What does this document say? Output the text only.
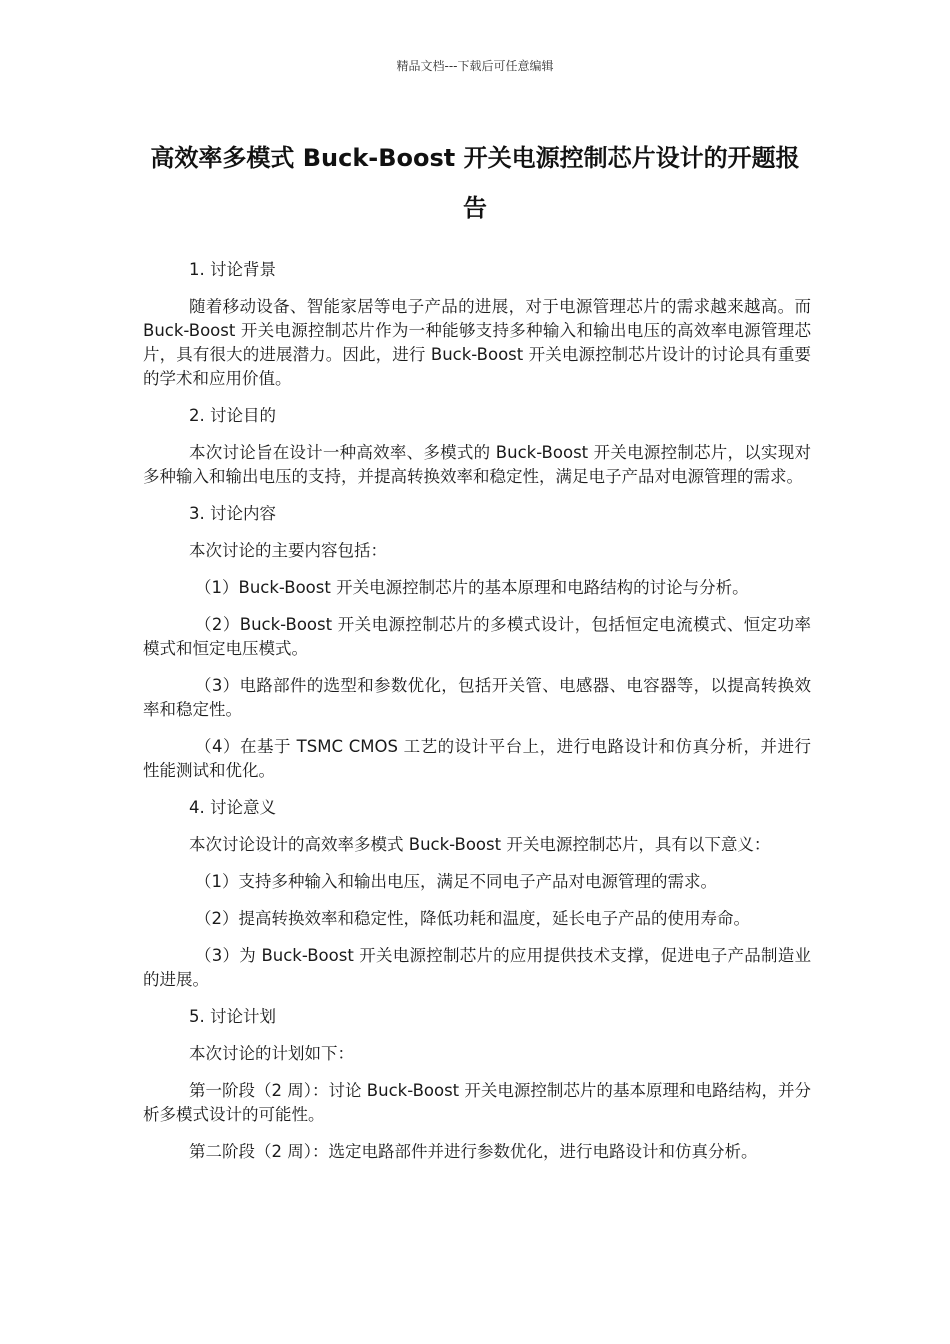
精品文档---下载后可任意编辑
高效率多模式 Buck-Boost 开关电源控制芯片设计的开题报告

1. 讨论背景

随着移动设备、智能家居等电子产品的进展，对于电源管理芯片的需求越来越高。而 Buck-Boost 开关电源控制芯片作为一种能够支持多种输入和输出电压的高效率电源管理芯片，具有很大的进展潜力。因此，进行 Buck-Boost 开关电源控制芯片设计的讨论具有重要的学术和应用价值。

2. 讨论目的

本次讨论旨在设计一种高效率、多模式的 Buck-Boost 开关电源控制芯片，以实现对多种输入和输出电压的支持，并提高转换效率和稳定性，满足电子产品对电源管理的需求。

3. 讨论内容

本次讨论的主要内容包括：

（1）Buck-Boost 开关电源控制芯片的基本原理和电路结构的讨论与分析。

（2）Buck-Boost 开关电源控制芯片的多模式设计，包括恒定电流模式、恒定功率模式和恒定电压模式。

（3）电路部件的选型和参数优化，包括开关管、电感器、电容器等，以提高转换效率和稳定性。

（4）在基于 TSMC CMOS 工艺的设计平台上，进行电路设计和仿真分析，并进行性能测试和优化。

4. 讨论意义

本次讨论设计的高效率多模式 Buck-Boost 开关电源控制芯片，具有以下意义：

（1）支持多种输入和输出电压，满足不同电子产品对电源管理的需求。

（2）提高转换效率和稳定性，降低功耗和温度，延长电子产品的使用寿命。

（3）为 Buck-Boost 开关电源控制芯片的应用提供技术支撑，促进电子产品制造业的进展。

5. 讨论计划

本次讨论的计划如下：

第一阶段（2 周）：讨论 Buck-Boost 开关电源控制芯片的基本原理和电路结构，并分析多模式设计的可能性。

第二阶段（2 周）：选定电路部件并进行参数优化，进行电路设计和仿真分析。
